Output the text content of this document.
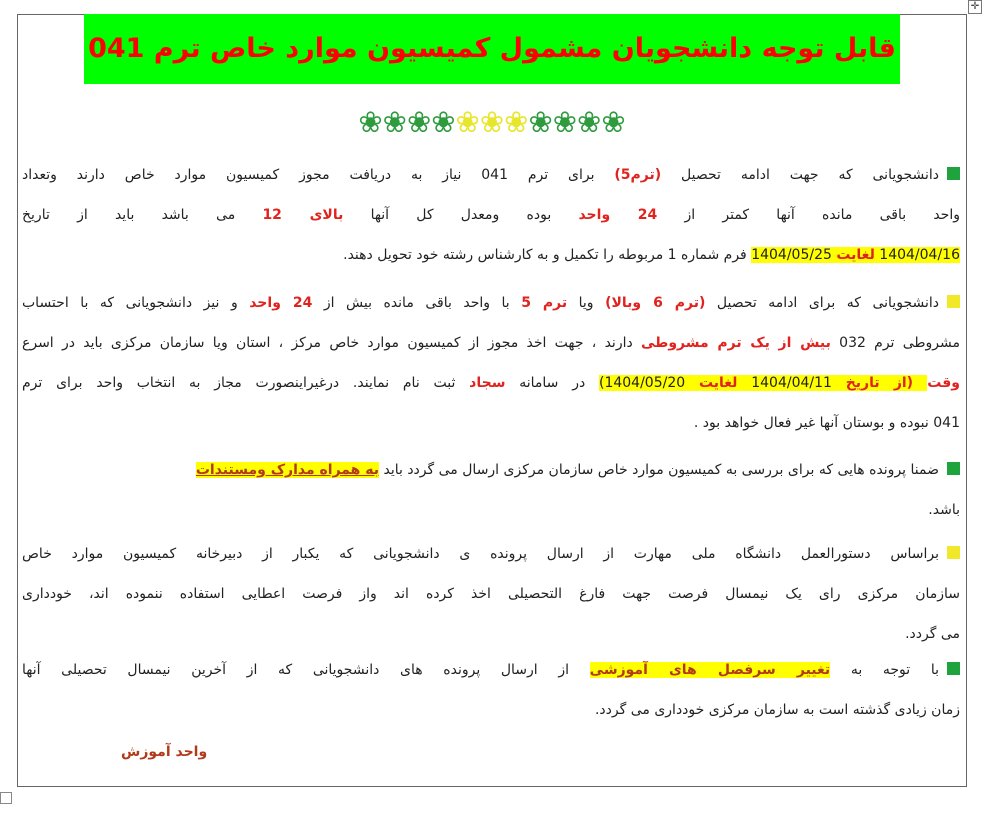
✛
قابل توجه دانشجویان مشمول کمیسیون موارد خاص ترم 041
❀❀❀❀❀❀❀❀❀❀❀
دانشجویانی که جهت ادامه تحصیل (ترم5) برای ترم 041 نیاز به دریافت مجوز کمیسیون موارد خاص دارند وتعداد
واحد باقی مانده آنها کمتر از 24 واحد بوده ومعدل کل آنها بالای 12 می باشد باید از تاریخ
1404/04/16 لغایت 1404/05/25 فرم شماره 1 مربوطه را تکمیل و به کارشناس رشته خود تحویل دهند.
دانشجویانی که برای ادامه تحصیل (ترم 6 وبالا) ویا ترم 5 با واحد باقی مانده بیش از 24 واحد و نیز دانشجویانی که با احتساب
مشروطی ترم 032 بیش از یک ترم مشروطی دارند ، جهت اخذ مجوز از کمیسیون موارد خاص مرکز ، استان ویا سازمان مرکزی باید در اسرع
وقت (از تاریخ 1404/04/11 لغایت 1404/05/20) در سامانه سجاد ثبت نام نمایند. درغیراینصورت مجاز به انتخاب واحد برای ترم
041 نبوده و بوستان آنها غیر فعال خواهد بود .
ضمنا پرونده هایی که برای بررسی به کمیسیون موارد خاص سازمان مرکزی ارسال می گردد باید به همراه مدارک ومستندات
باشد.
براساس دستورالعمل دانشگاه ملی مهارت از ارسال پرونده ی دانشجویانی که یکبار از دبیرخانه کمیسیون موارد خاص
سازمان مرکزی رای یک نیمسال فرصت جهت فارغ التحصیلی اخذ کرده اند واز فرصت اعطایی استفاده ننموده اند، خودداری
می گردد.
با توجه به تغییر سرفصل های آموزشی از ارسال پرونده های دانشجویانی که از آخرین نیمسال تحصیلی آنها
زمان زیادی گذشته است به سازمان مرکزی خودداری می گردد.
واحد آموزش
